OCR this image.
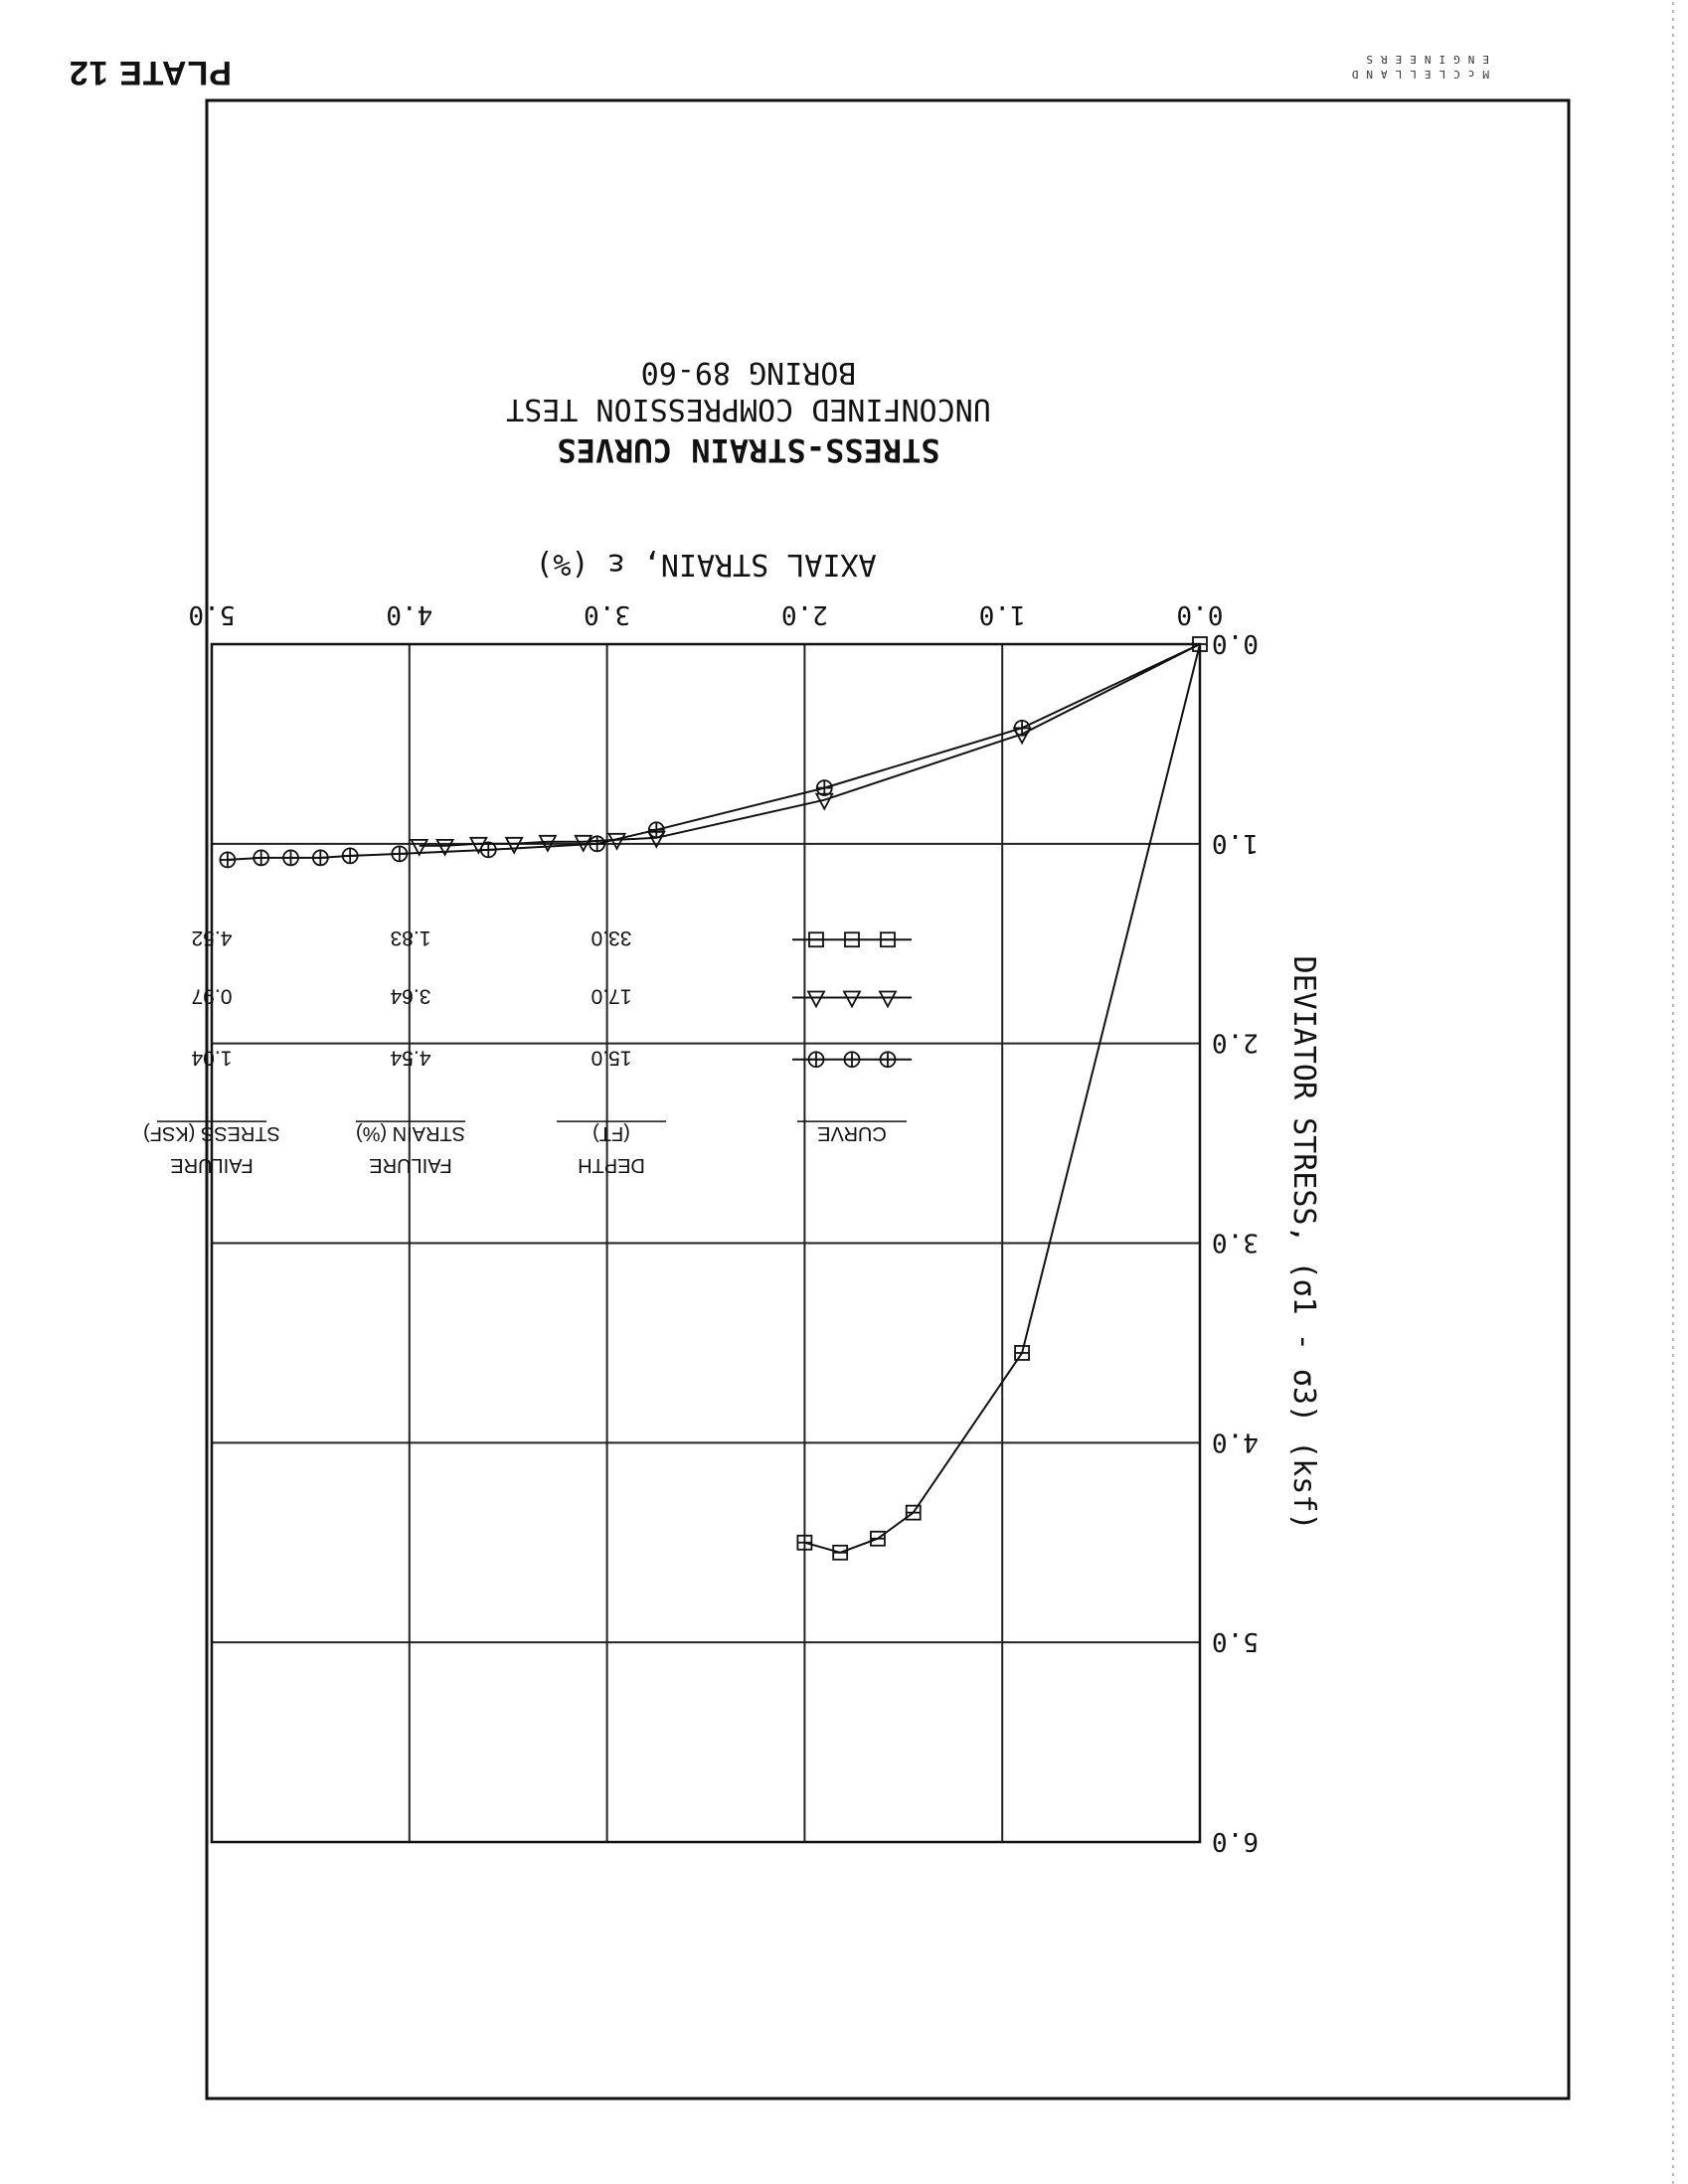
PLATE 12	McCLELLAND
ENGINEERS
0.0
1.0
2.0
3.0
4.0
5.0
0.0
1.0
2.0
3.0
4.0
5.0
6.0
AXIAL STRAIN, ε (%)
DEVIATOR STRESS, (σ1 - σ3) (ksf)
STRESS-STRAIN CURVES
UNCONFINED COMPRESSION TEST
BORING 89-60
CURVE
DEPTH
(FT)
FAILURE
STRAIN (%)
FAILURE
STRESS (KSF)
15.0
4.54
1.04
17.0
3.64
0.97
33.0
1.83
4.52
